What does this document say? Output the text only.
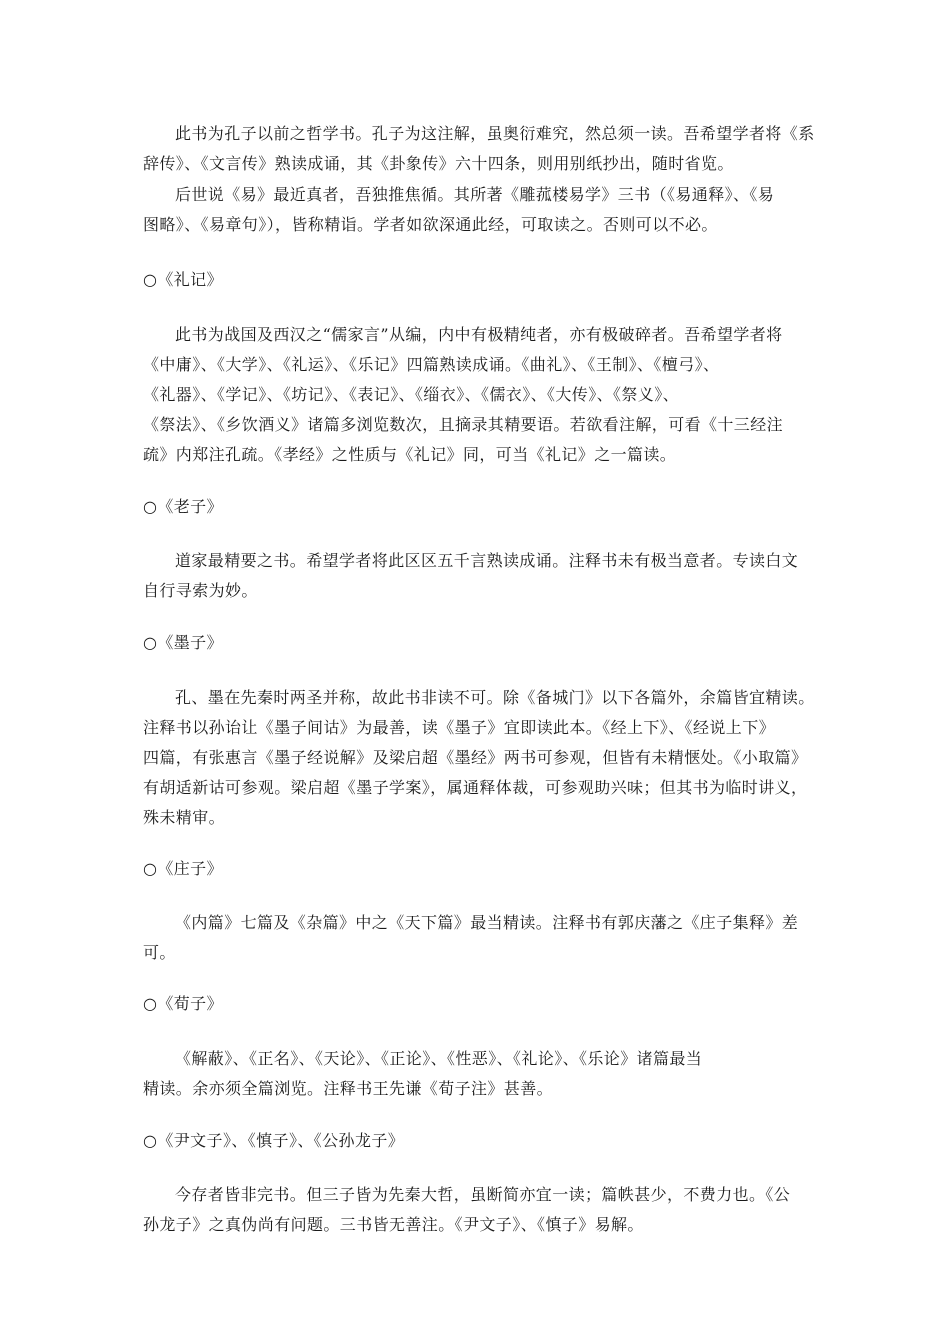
此书为孔子以前之哲学书。孔子为这注解，虽奥衍难究，然总须一读。吾希望学者将《系
辞传》、《文言传》熟读成诵，其《卦象传》六十四条，则用别纸抄出，随时省览。
后世说《易》最近真者，吾独推焦循。其所著《雕菰楼易学》三书（《易通释》、《易
图略》、《易章句》），皆称精诣。学者如欲深通此经，可取读之。否则可以不必。
○《礼记》
此书为战国及西汉之“儒家言”从编，内中有极精纯者，亦有极破碎者。吾希望学者将
《中庸》、《大学》、《礼运》、《乐记》四篇熟读成诵。《曲礼》、《王制》、《檀弓》、
《礼器》、《学记》、《坊记》、《表记》、《缁衣》、《儒衣》、《大传》、《祭义》、
《祭法》、《乡饮酒义》诸篇多浏览数次，且摘录其精要语。若欲看注解，可看《十三经注
疏》内郑注孔疏。《孝经》之性质与《礼记》同，可当《礼记》之一篇读。
○《老子》
道家最精要之书。希望学者将此区区五千言熟读成诵。注释书未有极当意者。专读白文
自行寻索为妙。
○《墨子》
孔、墨在先秦时两圣并称，故此书非读不可。除《备城门》以下各篇外，余篇皆宜精读。
注释书以孙诒让《墨子间诂》为最善，读《墨子》宜即读此本。《经上下》、《经说上下》
四篇，有张惠言《墨子经说解》及梁启超《墨经》两书可参观，但皆有未精惬处。《小取篇》
有胡适新诂可参观。梁启超《墨子学案》，属通释体裁，可参观助兴味；但其书为临时讲义，
殊未精审。
○《庄子》
《内篇》七篇及《杂篇》中之《天下篇》最当精读。注释书有郭庆藩之《庄子集释》差
可。
○《荀子》
《解蔽》、《正名》、《天论》、《正论》、《性恶》、《礼论》、《乐论》诸篇最当
精读。余亦须全篇浏览。注释书王先谦《荀子注》甚善。
○《尹文子》、《慎子》、《公孙龙子》
今存者皆非完书。但三子皆为先秦大哲，虽断简亦宜一读；篇帙甚少，不费力也。《公
孙龙子》之真伪尚有问题。三书皆无善注。《尹文子》、《慎子》易解。
